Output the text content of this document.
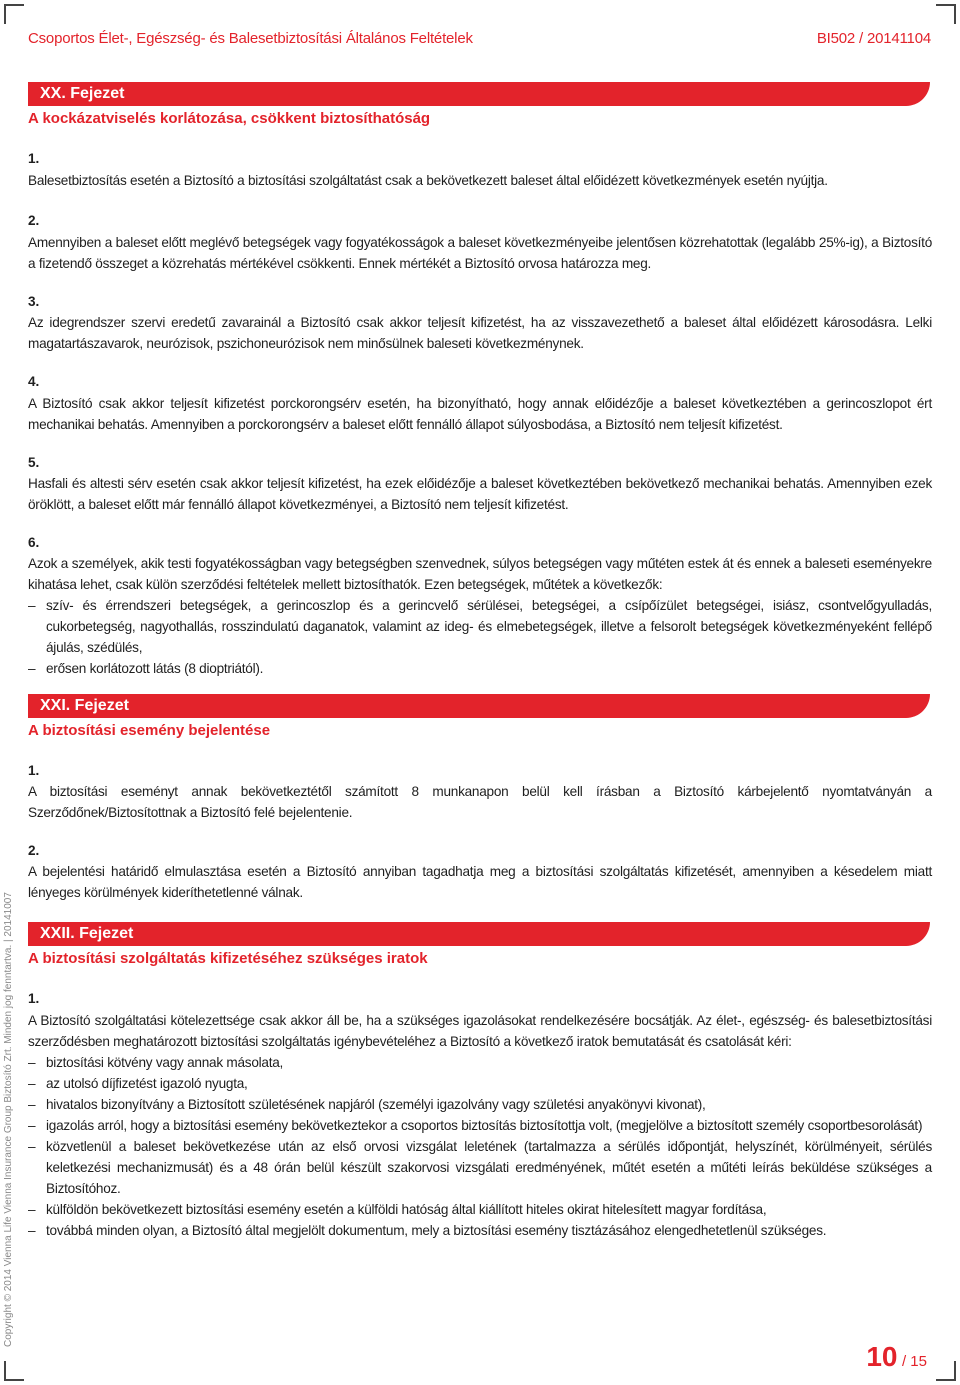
Csoportos Élet-, Egészség- és Balesetbiztosítási Általános Feltételek	BI502 / 20141104
XX. Fejezet
A kockázatviselés korlátozása, csökkent biztosíthatóság
1.

Balesetbiztosítás esetén a Biztosító a biztosítási szolgáltatást csak a bekövetkezett baleset által előidézett következmények esetén nyújtja.

2.

Amennyiben a baleset előtt meglévő betegségek vagy fogyatékosságok a baleset következményeibe jelentősen közrehatottak (legalább 25%-ig), a Biztosító a fizetendő összeget a közrehatás mértékével csökkenti. Ennek mértékét a Biztosító orvosa határozza meg.

3.

Az idegrendszer szervi eredetű zavarainál a Biztosító csak akkor teljesít kifizetést, ha az visszavezethető a baleset által előidézett károsodásra. Lelki magatartászavarok, neurózisok, pszichoneurózisok nem minősülnek baleseti következménynek.

4.

A Biztosító csak akkor teljesít kifizetést porckorongsérv esetén, ha bizonyítható, hogy annak előidézője a baleset következtében a gerincoszlopot ért mechanikai behatás. Amennyiben a porckorongsérv a baleset előtt fennálló állapot súlyosbodása, a Biztosító nem teljesít kifizetést.

5.

Hasfali és altesti sérv esetén csak akkor teljesít kifizetést, ha ezek előidézője a baleset következtében bekövetkező mechanikai behatás. Amennyiben ezek öröklött, a baleset előtt már fennálló állapot következményei, a Biztosító nem teljesít kifizetést.

6.

Azok a személyek, akik testi fogyatékosságban vagy betegségben szenvednek, súlyos betegségen vagy műtéten estek át és ennek a baleseti eseményekre kihatása lehet, csak külön szerződési feltételek mellett biztosíthatók. Ezen betegségek, műtétek a következők:

– szív- és érrendszeri betegségek, a gerincoszlop és a gerincvelő sérülései, betegségei, a csípőízület betegségei, isiász, csontvelőgyulladás, cukorbetegség, nagyothallás, rosszindulatú daganatok, valamint az ideg- és elmebetegségek, illetve a felsorolt betegségek következményeként fellépő ájulás, szédülés,
– erősen korlátozott látás (8 dioptriától).
XXI. Fejezet
A biztosítási esemény bejelentése
1.

A biztosítási eseményt annak bekövetkeztétől számított 8 munkanapon belül kell írásban a Biztosító kárbejelentő nyomtatványán a Szerződőnek/Biztosítottnak a Biztosító felé bejelentenie.

2.

A bejelentési határidő elmulasztása esetén a Biztosító annyiban tagadhatja meg a biztosítási szolgáltatás kifizetését, amennyiben a késedelem miatt lényeges körülmények kideríthetetlenné válnak.

XXII. Fejezet
A biztosítási szolgáltatás kifizetéséhez szükséges iratok
1.

A Biztosító szolgáltatási kötelezettsége csak akkor áll be, ha a szükséges igazolásokat rendelkezésére bocsátják. Az élet-, egészség- és balesetbiztosítási szerződésben meghatározott biztosítási szolgáltatás igénybevételéhez a Biztosító a következő iratok bemutatását és csatolását kéri:

– biztosítási kötvény vagy annak másolata,
– az utolsó díjfizetést igazoló nyugta,
– hivatalos bizonyítvány a Biztosított születésének napjáról (személyi igazolvány vagy születési anyakönyvi kivonat),
– igazolás arról, hogy a biztosítási esemény bekövetkeztekor a csoportos biztosítás biztosítottja volt, (megjelölve a biztosított személy csoportbesorolását)
– közvetlenül a baleset bekövetkezése után az első orvosi vizsgálat leletének (tartalmazza a sérülés időpontját, helyszínét, körülményeit, sérülés keletkezési mechanizmusát) és a 48 órán belül készült szakorvosi vizsgálati eredményének, műtét esetén a műtéti leírás beküldése szükséges a Biztosítóhoz.
– külföldön bekövetkezett biztosítási esemény esetén a külföldi hatóság által kiállított hiteles okirat hitelesített magyar fordítása,
– továbbá minden olyan, a Biztosító által megjelölt dokumentum, mely a biztosítási esemény tisztázásához elengedhetetlenül szükséges.
Copyright © 2014 Vienna Life Vienna Insurance Group Biztosító Zrt. Minden jog fenntartva. | 20141007
10 / 15
